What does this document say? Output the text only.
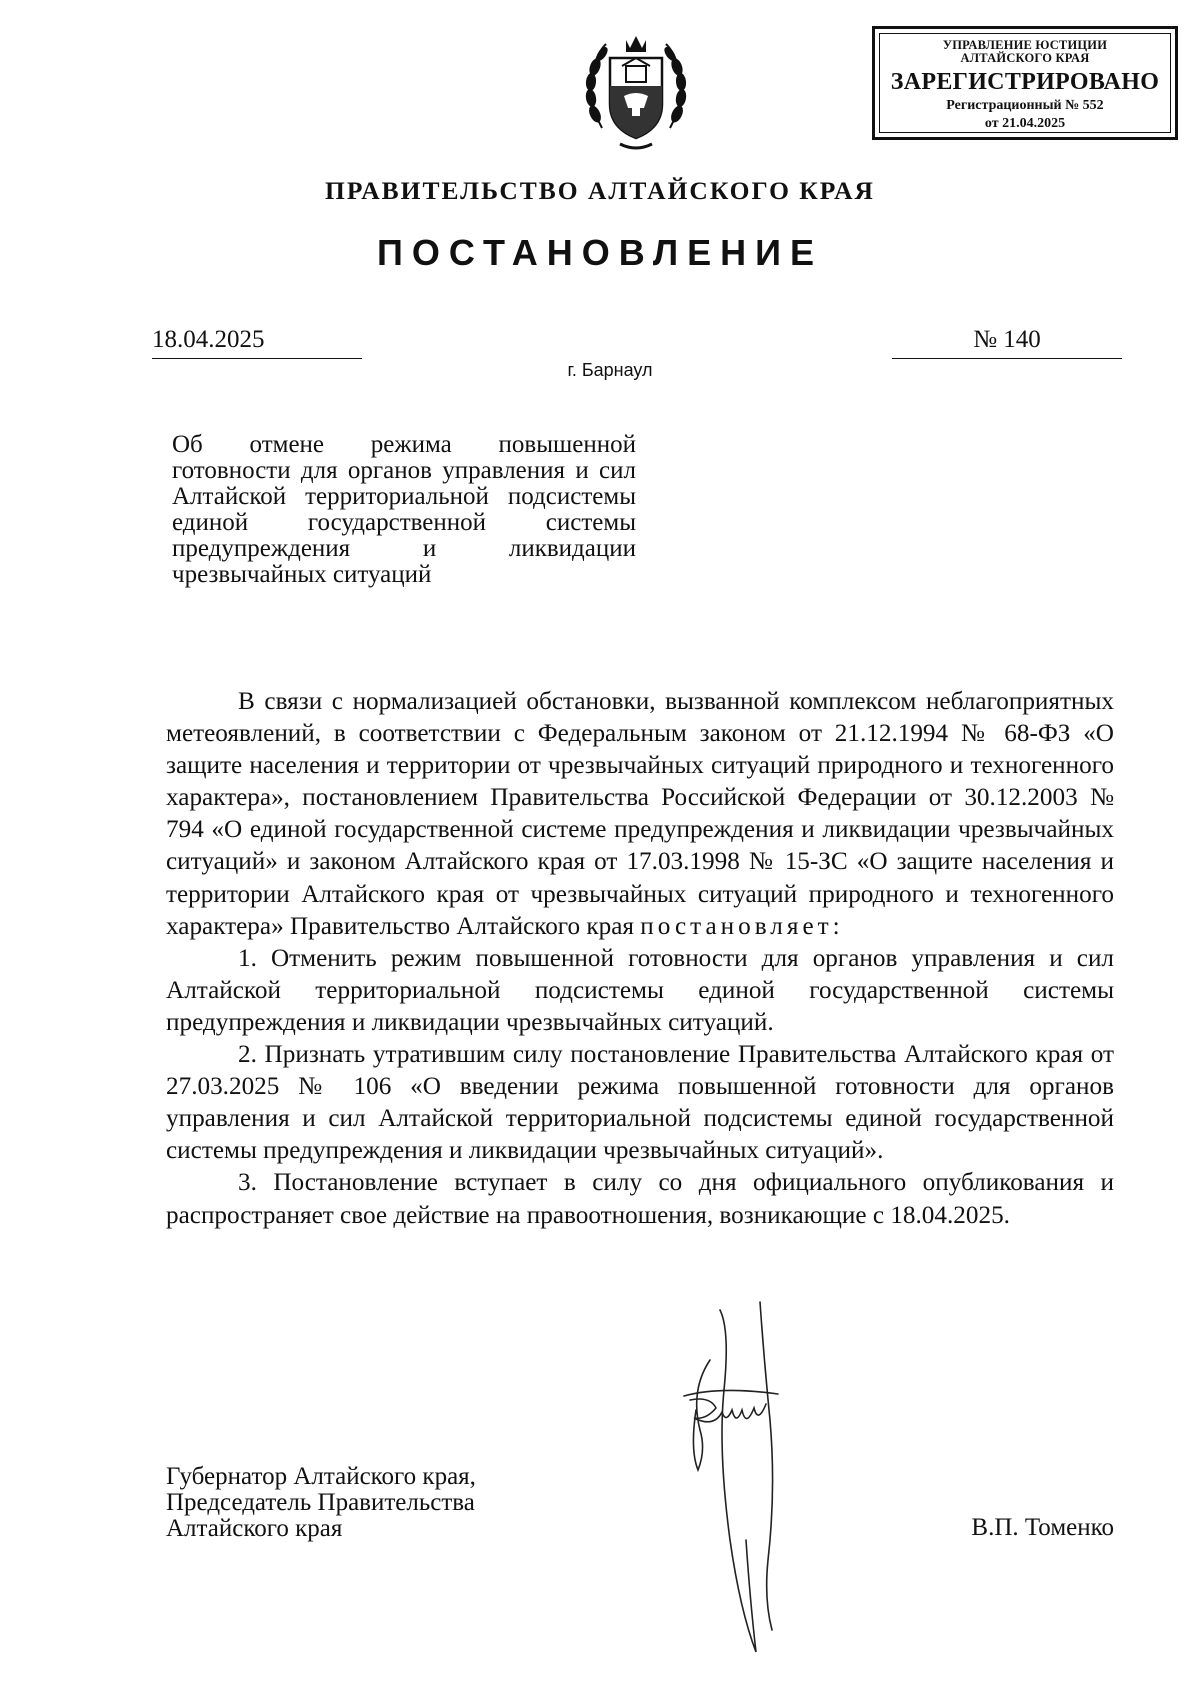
УПРАВЛЕНИЕ ЮСТИЦИИ
АЛТАЙСКОГО КРАЯ
ЗАРЕГИСТРИРОВАНО
Регистрационный № 552
от 21.04.2025
ПРАВИТЕЛЬСТВО АЛТАЙСКОГО КРАЯ
ПОСТАНОВЛЕНИЕ
18.04.2025	№ 140
г. Барнаул
Об отмене режима повышенной готовности для органов управления и сил Алтайской территориальной подсистемы единой государственной системы предупреждения и ликвидации чрезвычайных ситуаций

В связи с нормализацией обстановки, вызванной комплексом неблагоприятных метеоявлений, в соответствии с Федеральным законом от 21.12.1994 № 68-ФЗ «О защите населения и территории от чрезвычайных ситуаций природного и техногенного характера», постановлением Правительства Российской Федерации от 30.12.2003 № 794 «О единой государственной системе предупреждения и ликвидации чрезвычайных ситуаций» и законом Алтайского края от 17.03.1998 № 15-ЗС «О защите населения и территории Алтайского края от чрезвычайных ситуаций природного и техногенного характера» Правительство Алтайского края постановляет:

1. Отменить режим повышенной готовности для органов управления и сил Алтайской территориальной подсистемы единой государственной системы предупреждения и ликвидации чрезвычайных ситуаций.

2. Признать утратившим силу постановление Правительства Алтайского края от 27.03.2025 № 106 «О введении режима повышенной готовности для органов управления и сил Алтайской территориальной подсистемы единой государственной системы предупреждения и ликвидации чрезвычайных ситуаций».

3. Постановление вступает в силу со дня официального опубликования и распространяет свое действие на правоотношения, возникающие с 18.04.2025.

Губернатор Алтайского края,
Председатель Правительства
Алтайского края	В.П. Томенко
